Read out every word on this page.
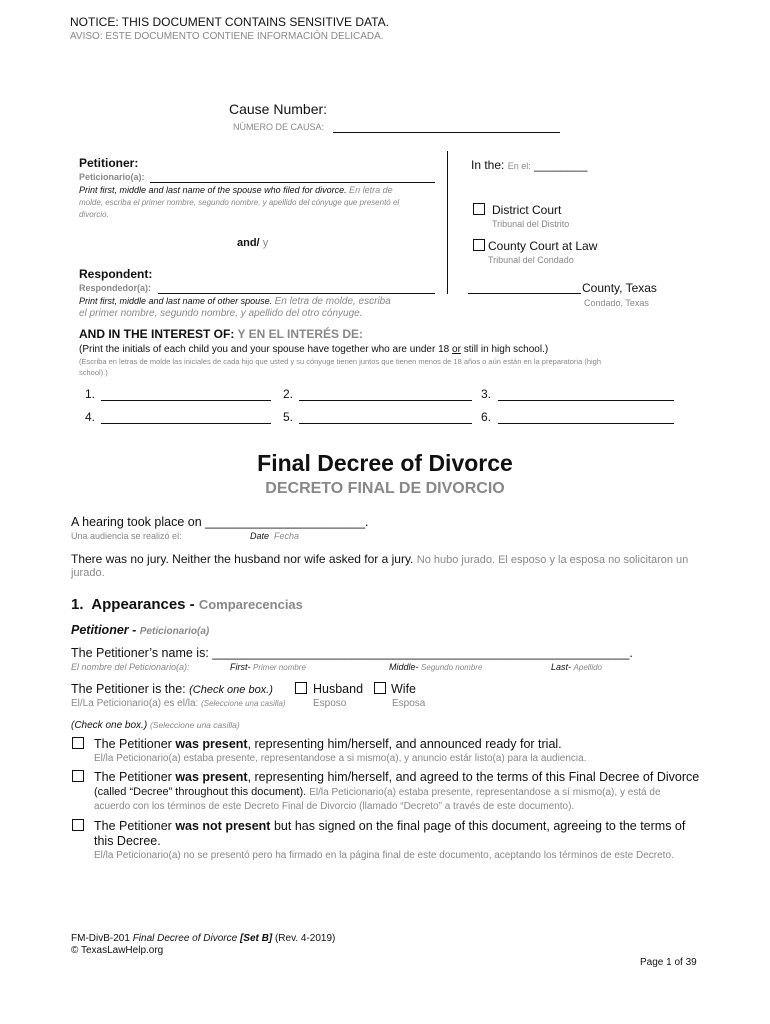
NOTICE: THIS DOCUMENT CONTAINS SENSITIVE DATA.
AVISO: ESTE DOCUMENTO CONTIENE INFORMACIÓN DELICADA.
Cause Number:
NÚMERO DE CAUSA:
Petitioner:
Peticionario(a):
Print first, middle and last name of the spouse who filed for divorce. En letra de
molde, escriba el primer nombre, segundo nombre, y apellido del cónyuge que presentó el
divorcio.
and/ y
Respondent:
Respondedor(a):
Print first, middle and last name of other spouse. En letra de molde, escriba
el primer nombre, segundo nombre, y apellido del otro cónyuge.
In the: En el: ________
District Court
Tribunal del Distrito
County Court at Law
Tribunal del Condado
County, Texas
Condado, Texas
AND IN THE INTEREST OF: Y EN EL INTERÉS DE:
(Print the initials of each child you and your spouse have together who are under 18 or still in high school.)
(Escriba en letras de molde las iniciales de cada hijo que usted y su cónyuge tienen juntos que tienen menos de 18 años o aún están en la preparatoria (high
school).)
1.	2.	3.
4.	5.	6.
Final Decree of Divorce
DECRETO FINAL DE DIVORCIO
A hearing took place on _______________________.
Una audiencia se realizó el:	Date Fecha
There was no jury. Neither the husband nor wife asked for a jury. No hubo jurado. El esposo y la esposa no solicitaron un
jurado.
1. Appearances - Comparecencias
Petitioner - Peticionario(a)
The Petitioner’s name is: ____________________________________________________________.
El nombre del Peticionario(a):	First- Primer nombre	Middle- Segundo nombre	Last- Apellido
The Petitioner is the: (Check one box.)	Husband Wife
El/La Peticionario(a) es el/la: (Seleccione una casilla)	Esposo	Esposa
(Check one box.) (Seleccione una casilla)
The Petitioner was present, representing him/herself, and announced ready for trial.
El/la Peticionario(a) estaba presente, representandose a si mismo(a), y anuncio estár listo(a) para la audiencia.
The Petitioner was present, representing him/herself, and agreed to the terms of this Final Decree of Divorce
(called “Decree” throughout this document). El/la Peticionario(a) estaba presente, representandose a sí mismo(a), y está de
acuerdo con los términos de este Decreto Final de Divorcio (llamado “Decreto” a través de este documento).
The Petitioner was not present but has signed on the final page of this document, agreeing to the terms of
this Decree.
El/la Peticionario(a) no se presentó pero ha firmado en la página final de este documento, aceptando los términos de este Decreto.
FM-DivB-201 Final Decree of Divorce [Set B] (Rev. 4-2019)
© TexasLawHelp.org
Page 1 of 39
